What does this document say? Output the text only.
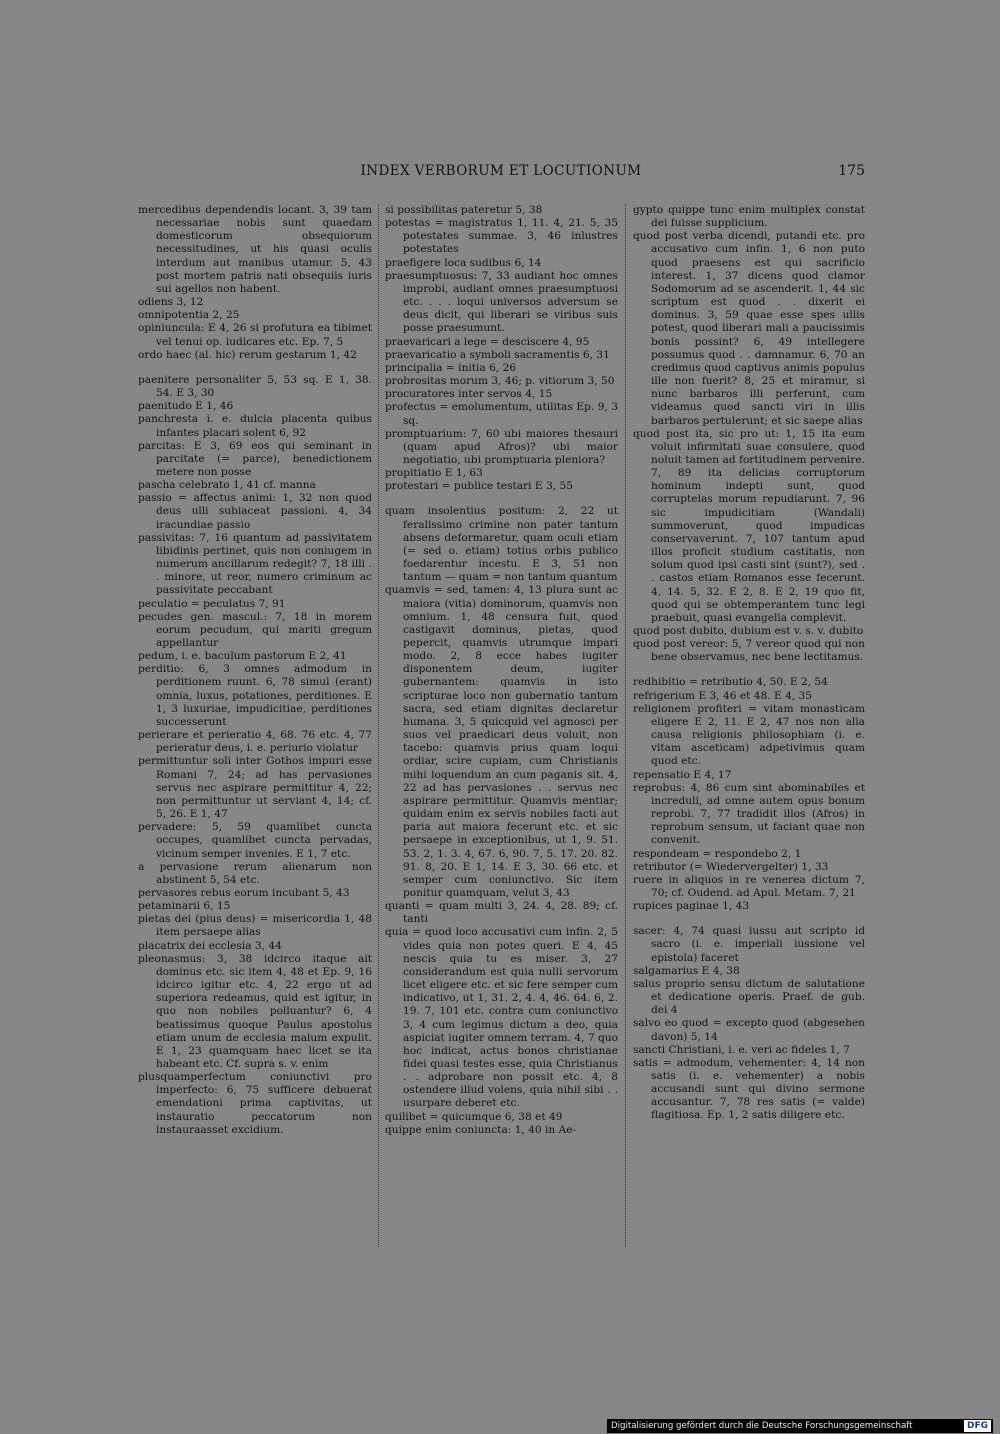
INDEX VERBORUM ET LOCUTIONUM	175

mercedibus dependendis locant. 3, 39 tam necessariae nobis sunt quaedam domesticorum obsequiorum necessitudines, ut his quasi oculis interdum aut manibus utamur. 5, 43 post mortem patris nati obsequiis iuris sui agellos non habent.

odiens 3, 12

omnipotentia 2, 25

opiniuncula: E 4, 26 si profutura ea tibimet vel tenui op. iudicares etc. Ep. 7, 5

ordo haec (al. hic) rerum gestarum 1, 42

paenitere personaliter 5, 53 sq. E 1, 38. 54. E 3, 30

paenitudo E 1, 46

panchresta i. e. dulcia placenta quibus infantes placari solent 6, 92

parcitas: E 3, 69 eos qui seminant in parcitate (= parce), benedictionem metere non posse

pascha celebrato 1, 41 cf. manna

passio = affectus animi: 1, 32 non quod deus ulli subiaceat passioni. 4, 34 iracundiae passio

passivitas: 7, 16 quantum ad passivitatem libidinis pertinet, quis non coniugem in numerum ancillarum redegit? 7, 18 illi . . minore, ut reor, numero criminum ac passivitate peccabant

peculatio = peculatus 7, 91

pecudes gen. mascul.: 7, 18 in morem eorum pecudum, qui mariti gregum appellantur

pedum, i. e. baculum pastorum E 2, 41

perditio: 6, 3 omnes admodum in perditionem ruunt. 6, 78 simul (erant) omnia, luxus, potationes, perditiones. E 1, 3 luxuriae, impudicitiae, perditiones successerunt

perierare et perieratio 4, 68. 76 etc. 4, 77 perieratur deus, i. e. periurio violatur

permittuntur soli inter Gothos impuri esse Romani 7, 24; ad has pervasiones servus nec aspirare permittitur 4, 22; non permittuntur ut serviant 4, 14; cf. 5, 26. E 1, 47

pervadere: 5, 59 quamlibet cuncta occupes, quamlibet cuncta pervadas, vicinum semper invenies. E 1, 7 etc.

a pervasione rerum alienarum non abstinent 5, 54 etc.

pervasores rebus eorum incubant 5, 43

petaminarii 6, 15

pietas dei (pius deus) = misericordia 1, 48 item persaepe alias

placatrix dei ecclesia 3, 44

pleonasmus: 3, 38 idcirco itaque ait dominus etc. sic item 4, 48 et Ep. 9, 16 idcirco igitur etc. 4, 22 ergo ut ad superiora redeamus, quid est igitur, in quo non nobiles polluantur? 6, 4 beatissimus quoque Paulus apostolus etiam unum de ecclesia malum expulit. E 1, 23 quamquam haec licet se ita habeant etc. Cf. supra s. v. enim

plusquamperfectum coniunctivi pro imperfecto: 6, 75 sufficere debuerat emendationi prima captivitas, ut instauratio peccatorum non instauraasset excidium.

si possibilitas pateretur 5, 38

potestas = magistratus 1, 11. 4, 21. 5, 35 potestates summae. 3, 46 inlustres potestates

praefigere loca sudibus 6, 14

praesumptuosus: 7, 33 audiant hoc omnes improbi, audiant omnes praesumptuosi etc. . . . loqui universos adversum se deus dicit, qui liberari se viribus suis posse praesumunt.

praevaricari a lege = desciscere 4, 95

praevaricatio a symboli sacramentis 6, 31

principalia = initia 6, 26

probrositas morum 3, 46; p. vitiorum 3, 50

procuratores inter servos 4, 15

profectus = emolumentum, utilitas Ep. 9, 3 sq.

promptuarium: 7, 60 ubi maiores thesauri (quam apud Afros)? ubi maior negotiatio, ubi promptuaria pleniora?

propitiatio E 1, 63

protestari = publice testari E 3, 55

quam insolentius positum: 2, 22 ut feralissimo crimine non pater tantum absens deformaretur, quam oculi etiam (= sed o. etiam) totius orbis publico foedarentur incestu. E 3, 51 non tantum — quam = non tantum quantum

quamvis = sed, tamen: 4, 13 plura sunt ac maiora (vitia) dominorum, quamvis non omnium. 1, 48 censura fuit, quod castigavit dominus, pietas, quod pepercit, quamvis utrumque impari modo. 2, 8 ecce habes iugiter disponentem deum, iugiter gubernantem: quamvis in isto scripturae loco non gubernatio tantum sacra, sed etiam dignitas declaretur humana. 3, 5 quicquid vel agnosci per suos vel praedicari deus voluit, non tacebo: quamvis prius quam loqui ordiar, scire cupiam, cum Christianis mihi loquendum an cum paganis sit. 4, 22 ad has pervasiones . . servus nec aspirare permittitur. Quamvis mentiar; quidam enim ex servis nobiles facti aut paria aut maiora fecerunt etc. et sic persaepe in exceptionibus, ut 1, 9. 51. 53. 2, 1. 3. 4, 67. 6, 90. 7, 5. 17. 20. 82. 91. 8, 20. E 1, 14. E 3, 30. 66 etc. et semper cum coniunctivo. Sic item ponitur quamquam, velut 3, 43

quanti = quam multi 3, 24. 4, 28. 89; cf. tanti

quia = quod loco accusativi cum infin. 2, 5 vides quia non potes queri. E 4, 45 nescis quia tu es miser. 3, 27 considerandum est quia nulli servorum licet eligere etc. et sic fere semper cum indicativo, ut 1, 31. 2, 4. 4, 46. 64. 6, 2. 19. 7, 101 etc. contra cum coniunctivo 3, 4 cum legimus dictum a deo, quia aspiciat iugiter omnem terram. 4, 7 quo hoc indicat, actus bonos christianae fidei quasi testes esse, quia Christianus . . adprobare non possit etc. 4, 8 ostendere illud volens, quia nihil sibi . . usurpare deberet etc.

quilibet = quicumque 6, 38 et 49

quippe enim coniuncta: 1, 40 in Ae-

gypto quippe tunc enim multiplex constat dei fuisse supplicium.

quod post verba dicendi, putandi etc. pro accusativo cum infin. 1, 6 non puto quod praesens est qui sacrificio interest. 1, 37 dicens quod clamor Sodomorum ad se ascenderit. 1, 44 sic scriptum est quod . . dixerit ei dominus. 3, 59 quae esse spes ullis potest, quod liberari mali a paucissimis bonis possint? 6, 49 intellegere possumus quod . . damnamur. 6, 70 an credimus quod captivus animis populus ille non fuerit? 8, 25 et miramur, si nunc barbaros illi perferunt, cum videamus quod sancti viri in illis barbaros pertulerunt; et sic saepe alias

quod post ita, sic pro ut: 1, 15 ita eum voluit infirmitati suae consulere, quod noluit tamen ad fortitudinem pervenire. 7, 89 ita delicias corruptorum hominum indepti sunt, quod corruptelas morum repudiarunt. 7, 96 sic impudicitiam (Wandali) summoverunt, quod impudicas conservaverunt. 7, 107 tantum apud illos proficit studium castitatis, non solum quod ipsi casti sint (sunt?), sed . . castos etiam Romanos esse fecerunt. 4, 14. 5, 32. E 2, 8. E 2, 19 quo fit, quod qui se obtemperantem tunc legi praebuit, quasi evangelia complevit.

quod post dubito, dubium est v. s. v. dubito

quod post vereor: 5, 7 vereor quod qui non bene observamus, nec bene lectitamus.

redhibitio = retributio 4, 50. E 2, 54

refrigerium E 3, 46 et 48. E 4, 35

religionem profiteri = vitam monasticam eligere E 2, 11. E 2, 47 nos non alia causa religionis philosophiam (i. e. vitam asceticam) adpetivimus quam quod etc.

repensatio E 4, 17

reprobus: 4, 86 cum sint abominabiles et increduli, ad omne autem opus bonum reprobi. 7, 77 tradidit illos (Afros) in reprobum sensum, ut faciant quae non convenit.

respondeam = respondebo 2, 1

retributor (= Wiedervergelter) 1, 33

ruere in aliquos in re venerea dictum 7, 70; cf. Oudend. ad Apul. Metam. 7, 21

rupices paginae 1, 43

sacer: 4, 74 quasi iussu aut scripto id sacro (i. e. imperiali iussione vel epistola) faceret

salgamarius E 4, 38

salus proprio sensu dictum de salutatione et dedicatione operis. Praef. de gub. dei 4

salvo eo quod = excepto quod (abgesehen davon) 5, 14

sancti Christiani, i. e. veri ac fideles 1, 7

satis = admodum, vehementer: 4, 14 non satis (i. e. vehementer) a nobis accusandi sunt qui divino sermone accusantur. 7, 78 res satis (= valde) flagitiosa. Ep. 1, 2 satis diligere etc.

Digitalisierung gefördert durch die Deutsche Forschungsgemeinschaft	DFG
